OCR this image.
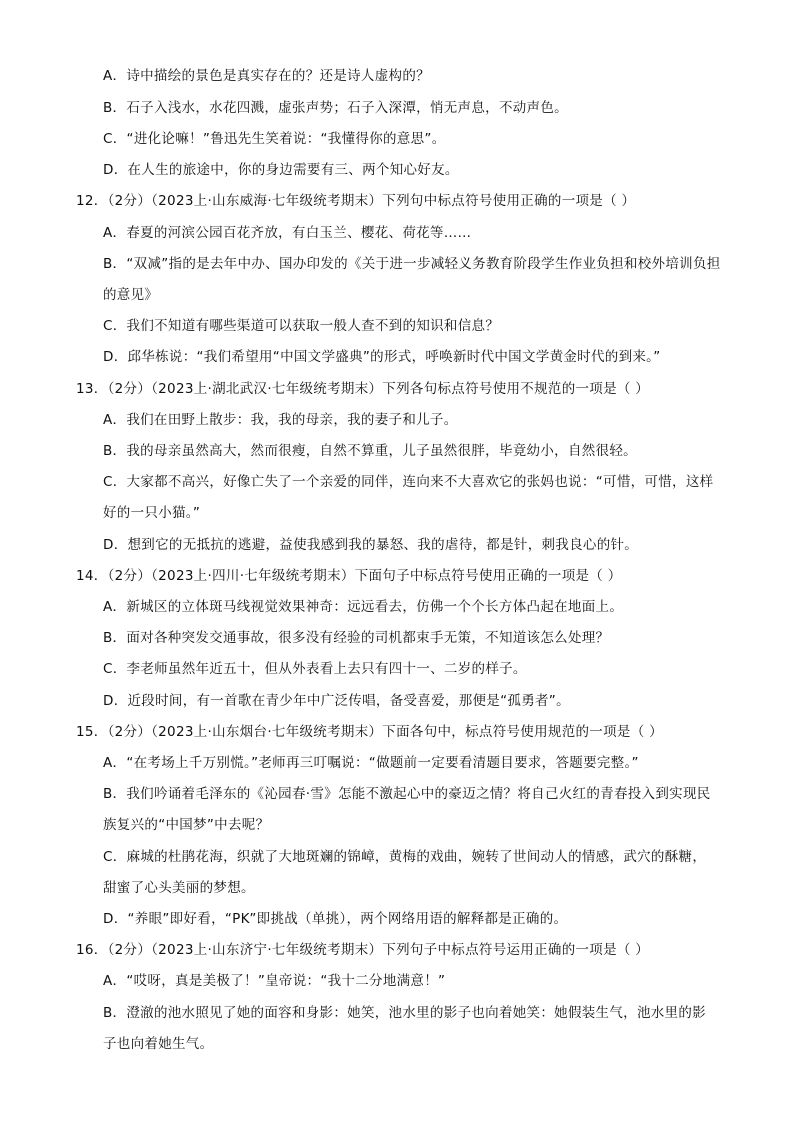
A．诗中描绘的景色是真实存在的？还是诗人虚构的？
B．石子入浅水，水花四溅，虚张声势；石子入深潭，悄无声息，不动声色。
C．“进化论嘛！”鲁迅先生笑着说：“我懂得你的意思”。
D．在人生的旅途中，你的身边需要有三、两个知心好友。
12．（2分）（2023上·山东威海·七年级统考期末）下列句中标点符号使用正确的一项是（ ）
A．春夏的河滨公园百花齐放，有白玉兰、樱花、荷花等……
B．“双减”指的是去年中办、国办印发的《关于进一步减轻义务教育阶段学生作业负担和校外培训负担
的意见》
C．我们不知道有哪些渠道可以获取一般人查不到的知识和信息？
D．邱华栋说：“我们希望用“中国文学盛典”的形式，呼唤新时代中国文学黄金时代的到来。”
13．（2分）（2023上·湖北武汉·七年级统考期末）下列各句标点符号使用不规范的一项是（ ）
A．我们在田野上散步：我，我的母亲，我的妻子和儿子。
B．我的母亲虽然高大，然而很瘦，自然不算重，儿子虽然很胖，毕竟幼小，自然很轻。
C．大家都不高兴，好像亡失了一个亲爱的同伴，连向来不大喜欢它的张妈也说：“可惜，可惜，这样
好的一只小猫。”
D．想到它的无抵抗的逃避，益使我感到我的暴怒、我的虐待，都是针，刺我良心的针。
14．（2分）（2023上·四川·七年级统考期末）下面句子中标点符号使用正确的一项是（ ）
A．新城区的立体斑马线视觉效果神奇：远远看去，仿佛一个个长方体凸起在地面上。
B．面对各种突发交通事故，很多没有经验的司机都束手无策，不知道该怎么处理？
C．李老师虽然年近五十，但从外表看上去只有四十一、二岁的样子。
D．近段时间，有一首歌在青少年中广泛传唱，备受喜爱，那便是“孤勇者”。
15．（2分）（2023上·山东烟台·七年级统考期末）下面各句中，标点符号使用规范的一项是（ ）
A．“在考场上千万别慌。”老师再三叮嘱说：“做题前一定要看清题目要求，答题要完整。”
B．我们吟诵着毛泽东的《沁园春·雪》怎能不激起心中的豪迈之情？将自己火红的青春投入到实现民
族复兴的“中国梦”中去呢？
C．麻城的杜鹃花海，织就了大地斑斓的锦嶂，黄梅的戏曲，婉转了世间动人的情感，武穴的酥糖，
甜蜜了心头美丽的梦想。
D．“养眼”即好看，“PK”即挑战（单挑），两个网络用语的解释都是正确的。
16．（2分）（2023上·山东济宁·七年级统考期末）下列句子中标点符号运用正确的一项是（ ）
A．“哎呀，真是美极了！”皇帝说：“我十二分地满意！”
B．澄澈的池水照见了她的面容和身影：她笑，池水里的影子也向着她笑：她假装生气，池水里的影
子也向着她生气。
